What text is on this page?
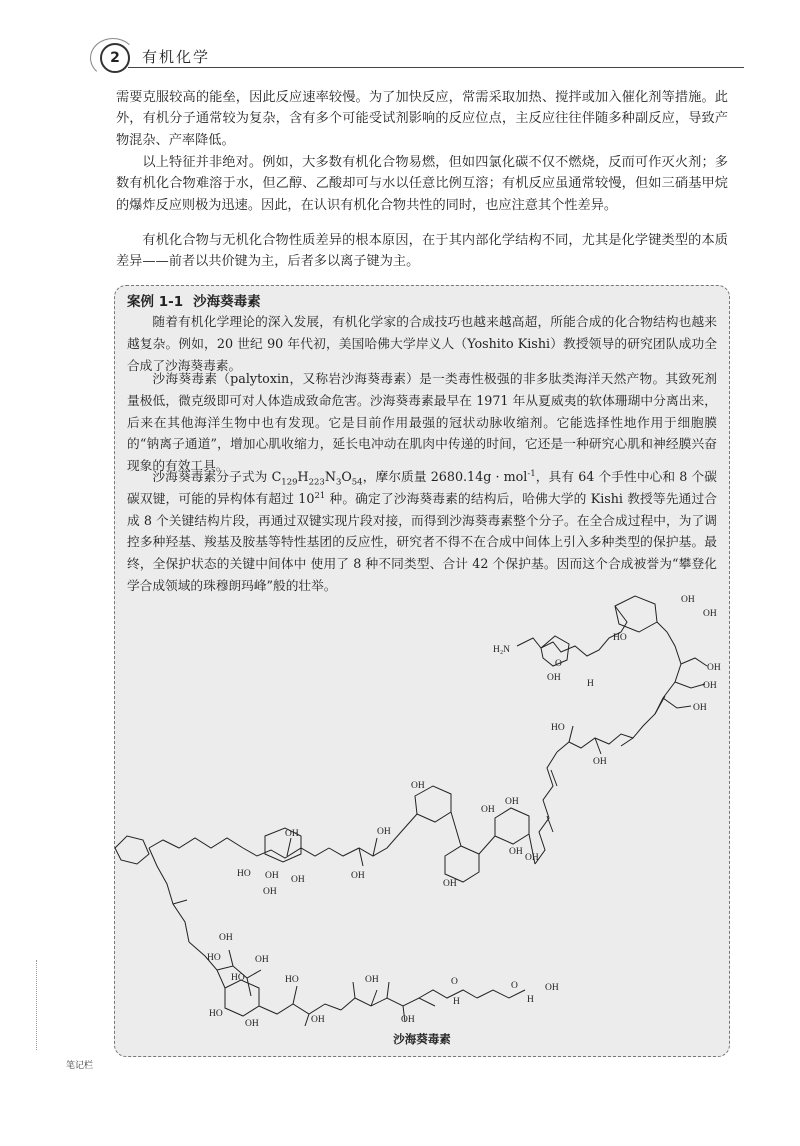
2	有机化学

需要克服较高的能垒，因此反应速率较慢。为了加快反应，常需采取加热、搅拌或加入催化剂等措施。此外，有机分子通常较为复杂，含有多个可能受试剂影响的反应位点，主反应往往伴随多种副反应，导致产物混杂、产率降低。

以上特征并非绝对。例如，大多数有机化合物易燃，但如四氯化碳不仅不燃烧，反而可作灭火剂；多数有机化合物难溶于水，但乙醇、乙酸却可与水以任意比例互溶；有机反应虽通常较慢，但如三硝基甲烷的爆炸反应则极为迅速。因此，在认识有机化合物共性的同时，也应注意其个性差异。

有机化合物与无机化合物性质差异的根本原因，在于其内部化学结构不同，尤其是化学键类型的本质差异——前者以共价键为主，后者多以离子键为主。

案例 1-1 沙海葵毒素

随着有机化学理论的深入发展，有机化学家的合成技巧也越来越高超，所能合成的化合物结构也越来越复杂。例如，20 世纪 90 年代初，美国哈佛大学岸义人（Yoshito Kishi）教授领导的研究团队成功全合成了沙海葵毒素。

沙海葵毒素（palytoxin，又称岩沙海葵毒素）是一类毒性极强的非多肽类海洋天然产物。其致死剂量极低，微克级即可对人体造成致命危害。沙海葵毒素最早在 1971 年从夏威夷的软体珊瑚中分离出来，后来在其他海洋生物中也有发现。它是目前作用最强的冠状动脉收缩剂。它能选择性地作用于细胞膜的“钠离子通道”，增加心肌收缩力，延长电冲动在肌肉中传递的时间，它还是一种研究心肌和神经膜兴奋现象的有效工具。

沙海葵毒素分子式为 $C_{129}H_{223}N_3O_{54}$，摩尔质量 2680.14g · mol$^{-1}$，具有 64 个手性中心和 8 个碳碳双键，可能的异构体有超过 $10^{21}$ 种。确定了沙海葵毒素的结构后，哈佛大学的 Kishi 教授等先通过合成 8 个关键结构片段，再通过双键实现片段对接，而得到沙海葵毒素整个分子。在全合成过程中，为了调控多种羟基、羧基及胺基等特性基团的反应性，研究者不得不在合成中间体上引入多种类型的保护基。最终，全保护状态的关键中间体中 使用了 8 种不同类型、合计 42 个保护基。因而这个合成被誉为“攀登化学合成领域的珠穆朗玛峰”般的壮举。

H₂N
OH
OH
HO
OH
OH
OH
O
OH
H
HO
OH
OH
OH
OH
OH
OH
OH
OH
OH
OH
HO OH OH
OH
OH
HO
HO
OH
HO
OH
HO
OH
OH
OH
O
H
O
H
OH
沙海葵毒素
笔记栏
